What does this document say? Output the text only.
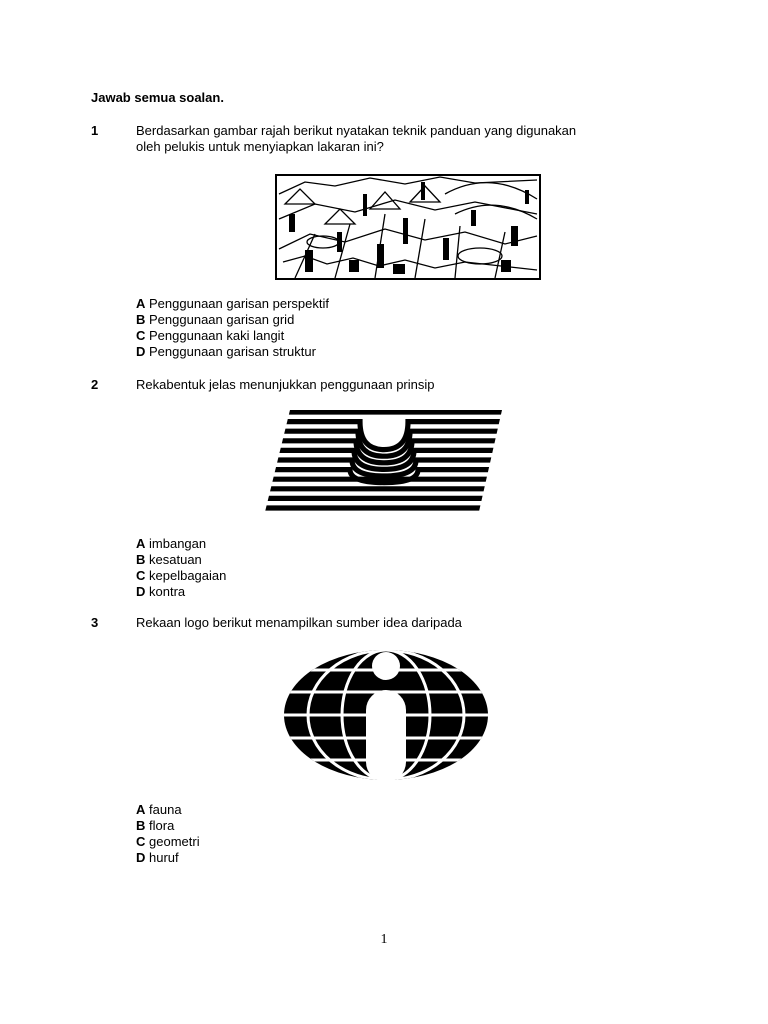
Jawab semua soalan.
1	Berdasarkan gambar rajah berikut nyatakan teknik panduan yang digunakan
oleh pelukis untuk menyiapkan lakaran ini?
A Penggunaan garisan perspektif
B Penggunaan garisan grid
C Penggunaan kaki langit
D Penggunaan garisan struktur
2	Rekabentuk jelas menunjukkan penggunaan prinsip
A imbangan
B kesatuan
C kepelbagaian
D kontra
3	Rekaan logo berikut menampilkan sumber idea daripada
A fauna
B flora
C geometri
D huruf
1
